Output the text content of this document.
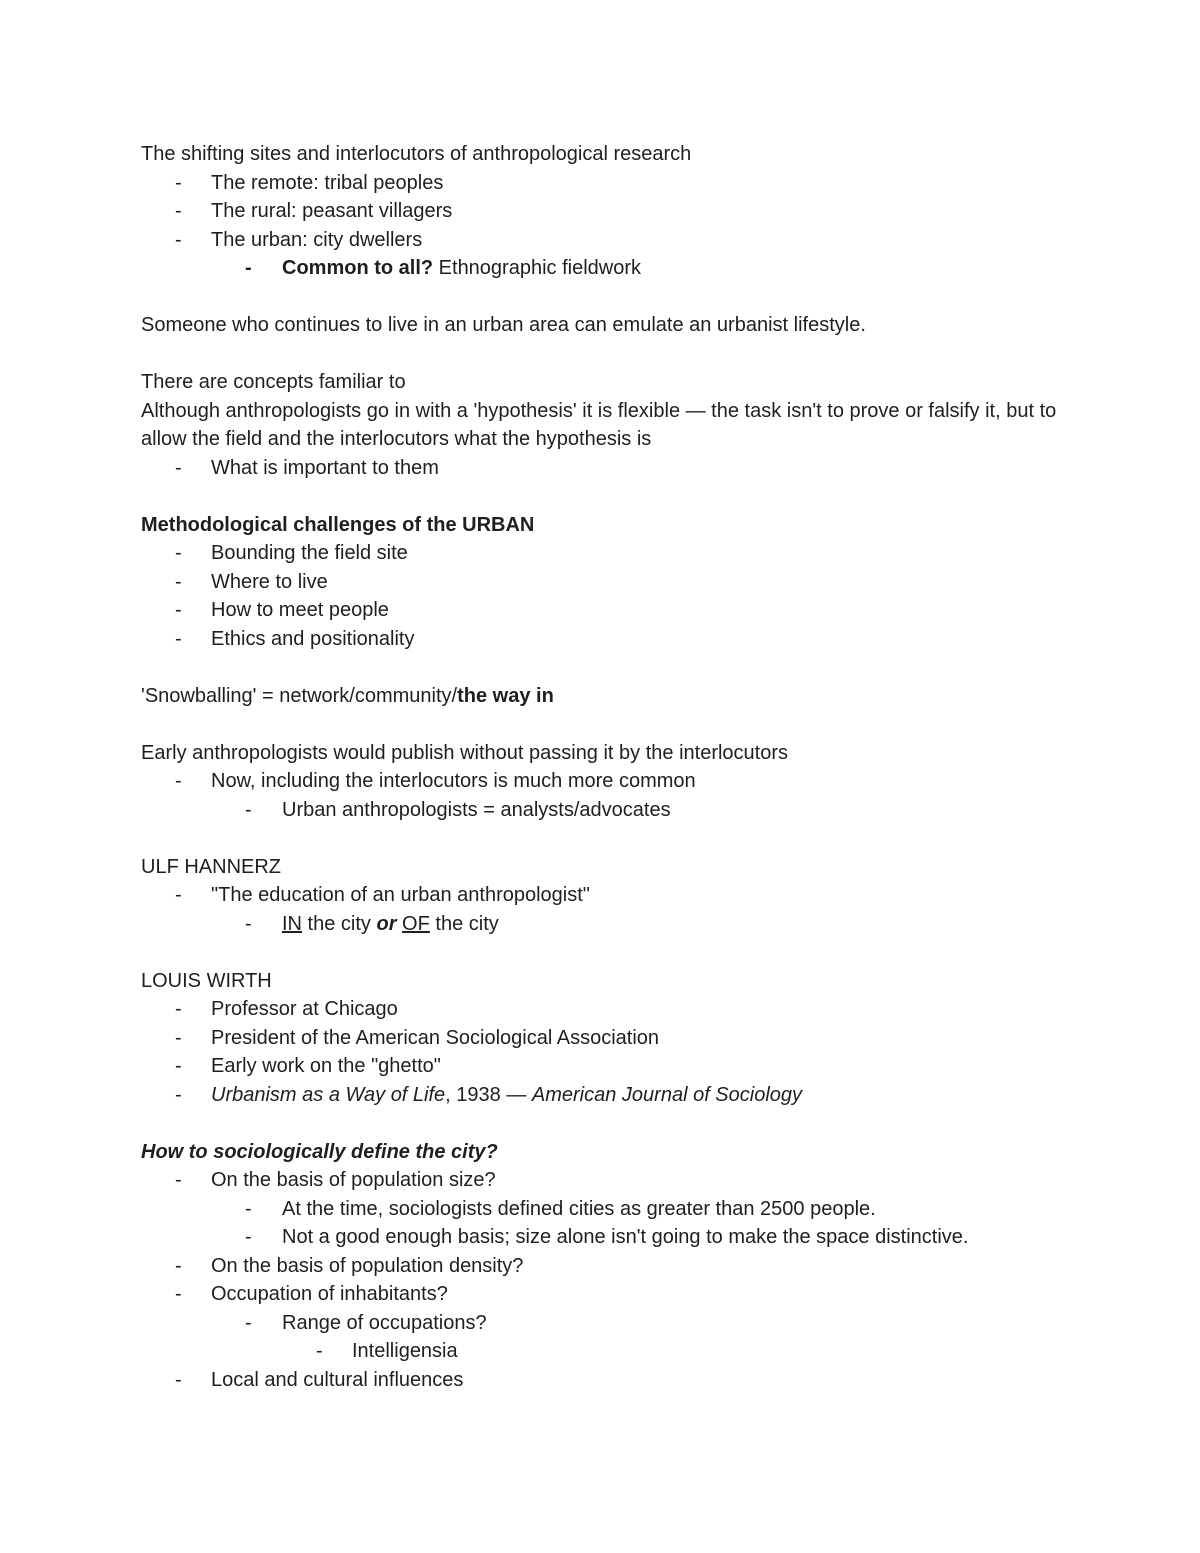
The shifting sites and interlocutors of anthropological research
- The remote: tribal peoples
- The rural: peasant villagers
- The urban: city dwellers
- Common to all? Ethnographic fieldwork
Someone who continues to live in an urban area can emulate an urbanist lifestyle.
There are concepts familiar to
Although anthropologists go in with a 'hypothesis' it is flexible — the task isn't to prove or falsify it, but to allow the field and the interlocutors what the hypothesis is
- What is important to them
Methodological challenges of the URBAN
- Bounding the field site
- Where to live
- How to meet people
- Ethics and positionality
'Snowballing' = network/community/the way in
Early anthropologists would publish without passing it by the interlocutors
- Now, including the interlocutors is much more common
- Urban anthropologists = analysts/advocates
ULF HANNERZ
- "The education of an urban anthropologist"
- IN the city or OF the city
LOUIS WIRTH
- Professor at Chicago
- President of the American Sociological Association
- Early work on the "ghetto"
- Urbanism as a Way of Life, 1938 — American Journal of Sociology
How to sociologically define the city?
- On the basis of population size?
- At the time, sociologists defined cities as greater than 2500 people.
- Not a good enough basis; size alone isn't going to make the space distinctive.
- On the basis of population density?
- Occupation of inhabitants?
- Range of occupations?
- Intelligensia
- Local and cultural influences
